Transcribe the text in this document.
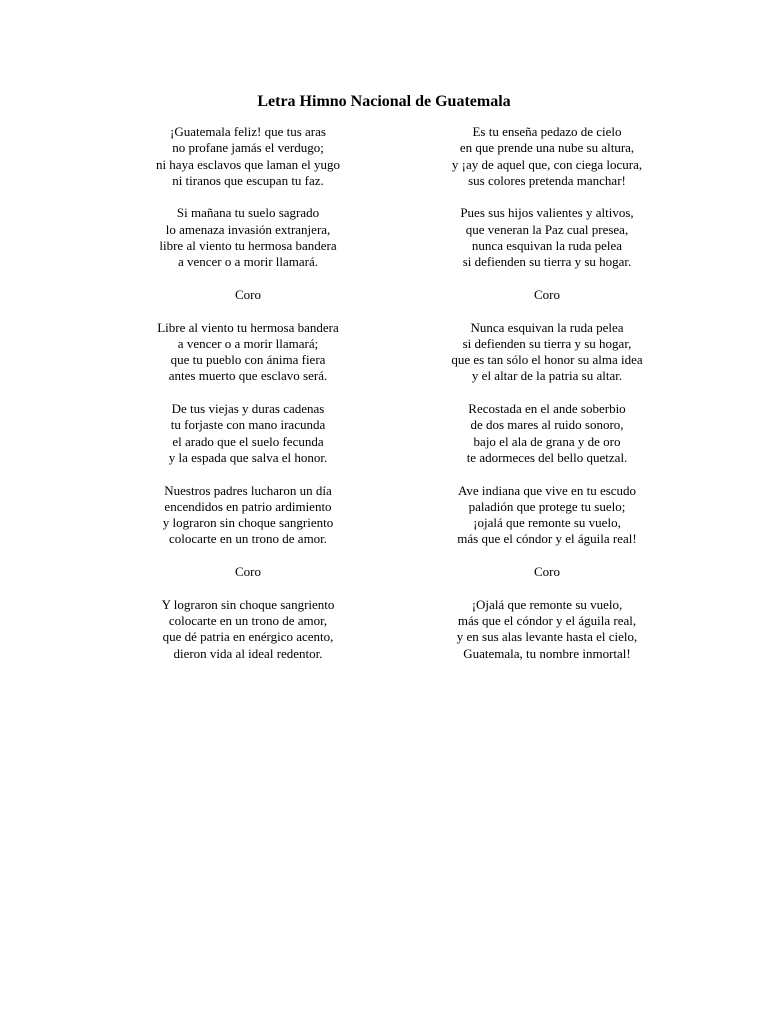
Letra Himno Nacional de Guatemala
¡Guatemala feliz! que tus aras
no profane jamás el verdugo;
ni haya esclavos que laman el yugo
ni tiranos que escupan tu faz.
Si mañana tu suelo sagrado
lo amenaza invasión extranjera,
libre al viento tu hermosa bandera
a vencer o a morir llamará.
Coro
Libre al viento tu hermosa bandera
a vencer o a morir llamará;
que tu pueblo con ánima fiera
antes muerto que esclavo será.
De tus viejas y duras cadenas
tu forjaste con mano iracunda
el arado que el suelo fecunda
y la espada que salva el honor.
Nuestros padres lucharon un día
encendidos en patrio ardimiento
y lograron sin choque sangriento
colocarte en un trono de amor.
Coro
Y lograron sin choque sangriento
colocarte en un trono de amor,
que dé patria en enérgico acento,
dieron vida al ideal redentor.
Es tu enseña pedazo de cielo
en que prende una nube su altura,
y ¡ay de aquel que, con ciega locura,
sus colores pretenda manchar!
Pues sus hijos valientes y altivos,
que veneran la Paz cual presea,
nunca esquivan la ruda pelea
si defienden su tierra y su hogar.
Coro
Nunca esquivan la ruda pelea
si defienden su tierra y su hogar,
que es tan sólo el honor su alma idea
y el altar de la patria su altar.
Recostada en el ande soberbio
de dos mares al ruido sonoro,
bajo el ala de grana y de oro
te adormeces del bello quetzal.
Ave indiana que vive en tu escudo
paladión que protege tu suelo;
¡ojalá que remonte su vuelo,
más que el cóndor y el águila real!
Coro
¡Ojalá que remonte su vuelo,
más que el cóndor y el águila real,
y en sus alas levante hasta el cielo,
Guatemala, tu nombre inmortal!
